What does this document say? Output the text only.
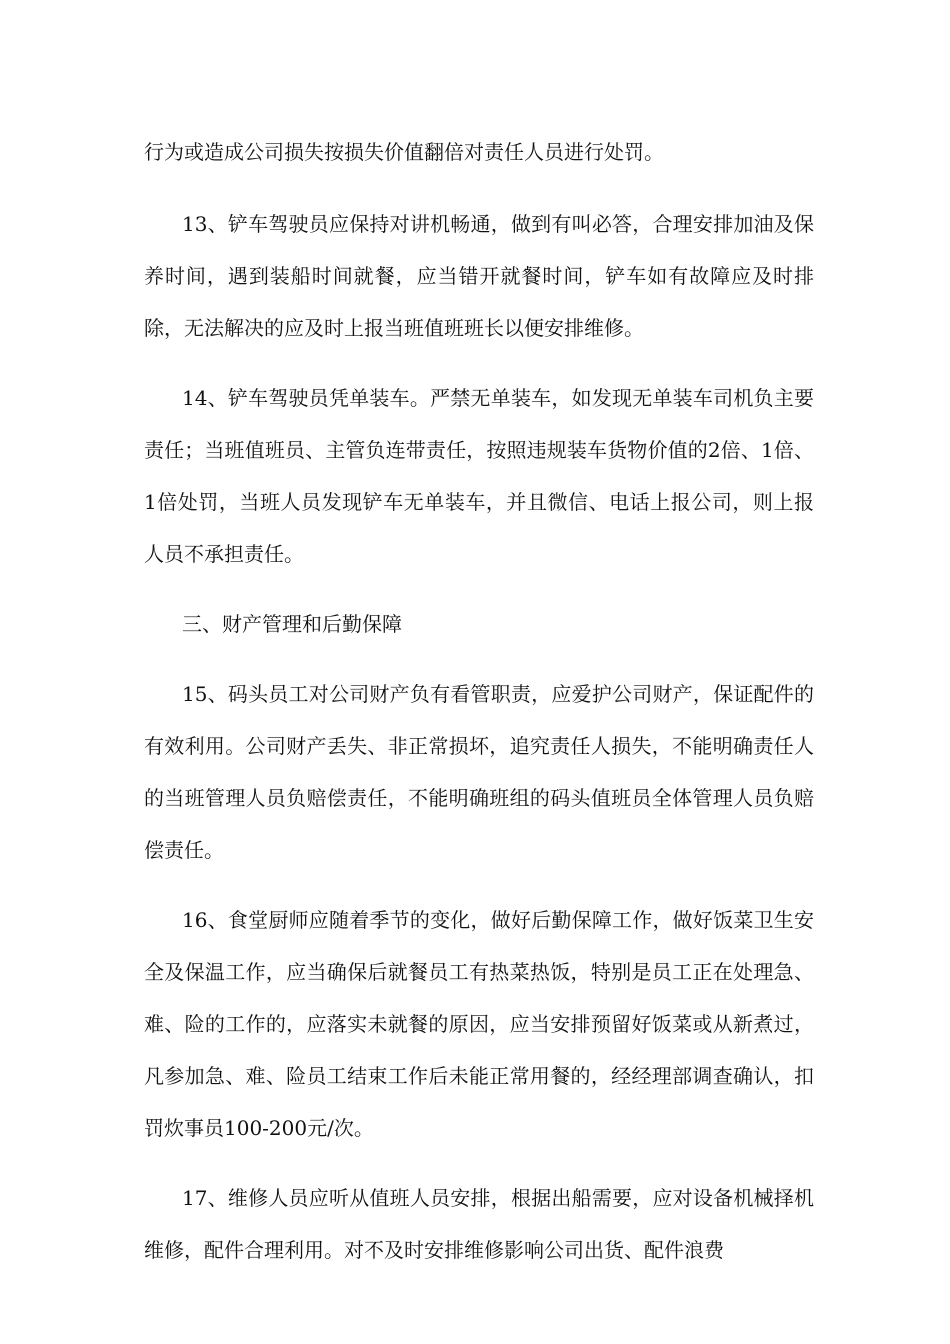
行为或造成公司损失按损失价值翻倍对责任人员进行处罚。

13、铲车驾驶员应保持对讲机畅通，做到有叫必答，合理安排加油及保养时间，遇到装船时间就餐，应当错开就餐时间，铲车如有故障应及时排除，无法解决的应及时上报当班值班班长以便安排维修。

14、铲车驾驶员凭单装车。严禁无单装车，如发现无单装车司机负主要责任；当班值班员、主管负连带责任，按照违规装车货物价值的2倍、1倍、1倍处罚，当班人员发现铲车无单装车，并且微信、电话上报公司，则上报人员不承担责任。

三、财产管理和后勤保障

15、码头员工对公司财产负有看管职责，应爱护公司财产，保证配件的有效利用。公司财产丢失、非正常损坏，追究责任人损失，不能明确责任人的当班管理人员负赔偿责任，不能明确班组的码头值班员全体管理人员负赔偿责任。

16、食堂厨师应随着季节的变化，做好后勤保障工作，做好饭菜卫生安全及保温工作，应当确保后就餐员工有热菜热饭，特别是员工正在处理急、难、险的工作的，应落实未就餐的原因，应当安排预留好饭菜或从新煮过，凡参加急、难、险员工结束工作后未能正常用餐的，经经理部调查确认，扣罚炊事员100-200元/次。

17、维修人员应听从值班人员安排，根据出船需要，应对设备机械择机维修，配件合理利用。对不及时安排维修影响公司出货、配件浪费
